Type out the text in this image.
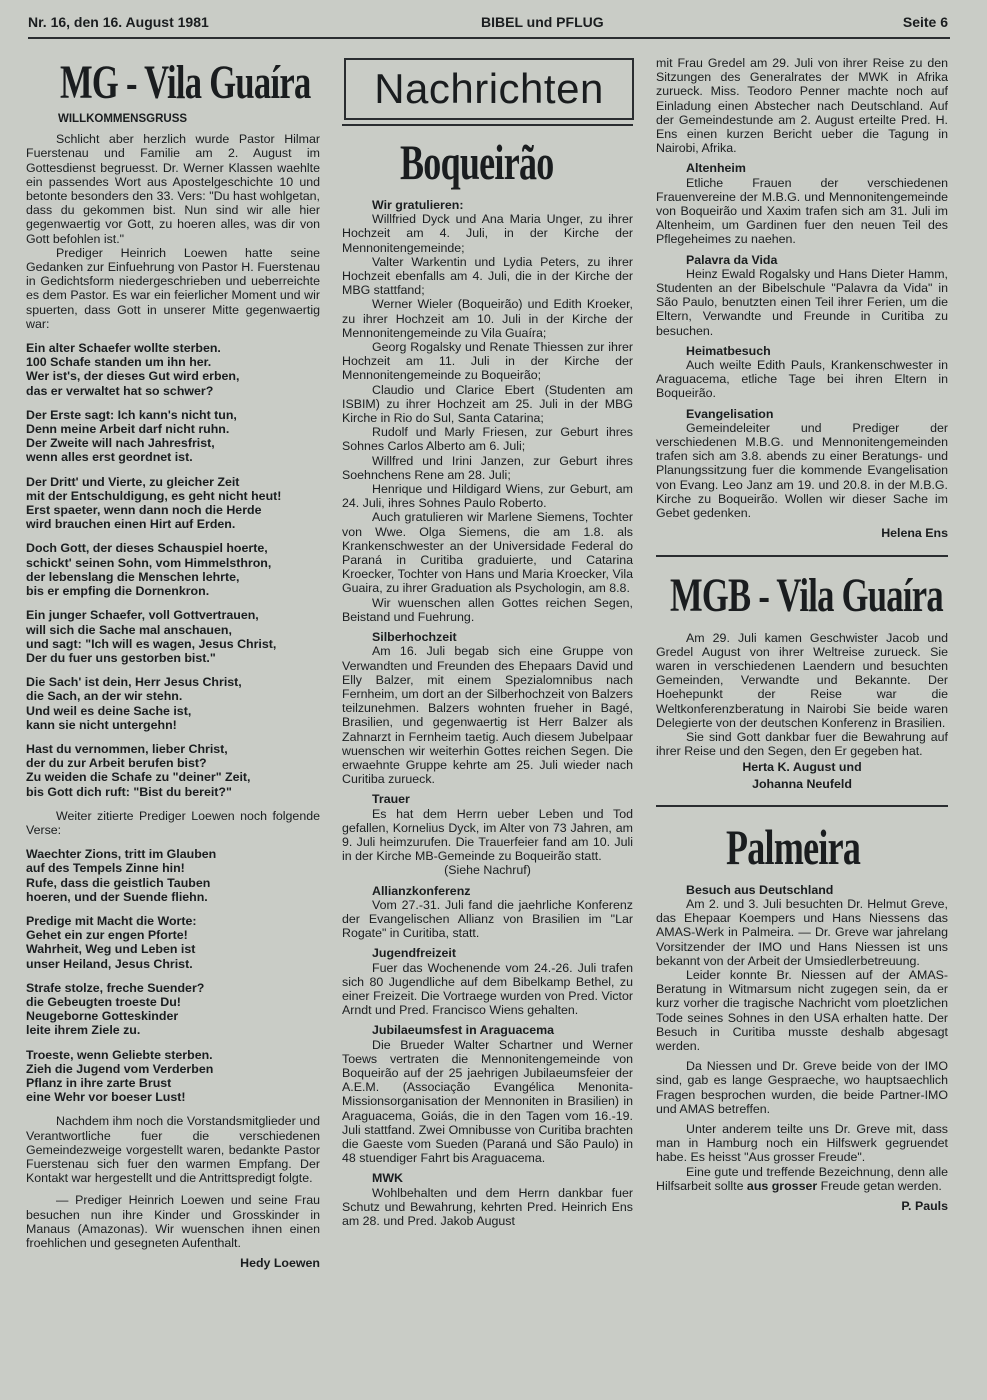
Nr. 16, den 16. August 1981	BIBEL und PFLUG	Seite 6
MG - Vila Guaíra
WILLKOMMENSGRUSS

Schlicht aber herzlich wurde Pastor Hilmar Fuerstenau und Familie am 2. August im Gottesdienst begruesst. Dr. Werner Klassen waehlte ein passendes Wort aus Apostelgeschichte 10 und betonte besonders den 33. Vers: "Du hast wohlgetan, dass du gekommen bist. Nun sind wir alle hier gegenwaertig vor Gott, zu hoeren alles, was dir von Gott befohlen ist."

Prediger Heinrich Loewen hatte seine Gedanken zur Einfuehrung von Pastor H. Fuerstenau in Gedichtsform niedergeschrieben und ueberreichte es dem Pastor. Es war ein feierlicher Moment und wir spuerten, dass Gott in unserer Mitte gegenwaertig war:

Ein alter Schaefer wollte sterben.
100 Schafe standen um ihn her.
Wer ist's, der dieses Gut wird erben,
das er verwaltet hat so schwer?
Der Erste sagt: Ich kann's nicht tun,
Denn meine Arbeit darf nicht ruhn.
Der Zweite will nach Jahresfrist,
wenn alles erst geordnet ist.
Der Dritt' und Vierte, zu gleicher Zeit
mit der Entschuldigung, es geht nicht heut!
Erst spaeter, wenn dann noch die Herde
wird brauchen einen Hirt auf Erden.
Doch Gott, der dieses Schauspiel hoerte,
schickt' seinen Sohn, vom Himmelsthron,
der lebenslang die Menschen lehrte,
bis er empfing die Dornenkron.
Ein junger Schaefer, voll Gottvertrauen,
will sich die Sache mal anschauen,
und sagt: "Ich will es wagen, Jesus Christ,
Der du fuer uns gestorben bist."
Die Sach' ist dein, Herr Jesus Christ,
die Sach, an der wir stehn.
Und weil es deine Sache ist,
kann sie nicht untergehn!
Hast du vernommen, lieber Christ,
der du zur Arbeit berufen bist?
Zu weiden die Schafe zu "deiner" Zeit,
bis Gott dich ruft: "Bist du bereit?"

Weiter zitierte Prediger Loewen noch folgende Verse:

Waechter Zions, tritt im Glauben
auf des Tempels Zinne hin!
Rufe, dass die geistlich Tauben
hoeren, und der Suende fliehn.
Predige mit Macht die Worte:
Gehet ein zur engen Pforte!
Wahrheit, Weg und Leben ist
unser Heiland, Jesus Christ.
Strafe stolze, freche Suender?
die Gebeugten troeste Du!
Neugeborne Gotteskinder
leite ihrem Ziele zu.
Troeste, wenn Geliebte sterben.
Zieh die Jugend vom Verderben
Pflanz in ihre zarte Brust
eine Wehr vor boeser Lust!

Nachdem ihm noch die Vorstandsmitglieder und Verantwortliche fuer die verschiedenen Gemeindezweige vorgestellt waren, bedankte Pastor Fuerstenau sich fuer den warmen Empfang. Der Kontakt war hergestellt und die Antrittspredigt folgte.

— Prediger Heinrich Loewen und seine Frau besuchen nun ihre Kinder und Grosskinder in Manaus (Amazonas). Wir wuenschen ihnen einen froehlichen und gesegneten Aufenthalt.

Hedy Loewen
Nachrichten
Boqueirão
Wir gratulieren:

Willfried Dyck und Ana Maria Unger, zu ihrer Hochzeit am 4. Juli, in der Kirche der Mennonitengemeinde;

Valter Warkentin und Lydia Peters, zu ihrer Hochzeit ebenfalls am 4. Juli, die in der Kirche der MBG stattfand;

Werner Wieler (Boqueirão) und Edith Kroeker, zu ihrer Hochzeit am 10. Juli in der Kirche der Mennonitengemeinde zu Vila Guaíra;

Georg Rogalsky und Renate Thiessen zur ihrer Hochzeit am 11. Juli in der Kirche der Mennonitengemeinde zu Boqueirão;

Claudio und Clarice Ebert (Studenten am ISBIM) zu ihrer Hochzeit am 25. Juli in der MBG Kirche in Rio do Sul, Santa Catarina;

Rudolf und Marly Friesen, zur Geburt ihres Sohnes Carlos Alberto am 6. Juli;

Willfred und Irini Janzen, zur Geburt ihres Soehnchens Rene am 28. Juli;

Henrique und Hildigard Wiens, zur Geburt, am 24. Juli, ihres Sohnes Paulo Roberto.

Auch gratulieren wir Marlene Siemens, Tochter von Wwe. Olga Siemens, die am 1.8. als Krankenschwester an der Universidade Federal do Paraná in Curitiba graduierte, und Catarina Kroecker, Tochter von Hans und Maria Kroecker, Vila Guaira, zu ihrer Graduation als Psychologin, am 8.8.

Wir wuenschen allen Gottes reichen Segen, Beistand und Fuehrung.

Silberhochzeit

Am 16. Juli begab sich eine Gruppe von Verwandten und Freunden des Ehepaars David und Elly Balzer, mit einem Spezialomnibus nach Fernheim, um dort an der Silberhochzeit von Balzers teilzunehmen. Balzers wohnten frueher in Bagé, Brasilien, und gegenwaertig ist Herr Balzer als Zahnarzt in Fernheim taetig. Auch diesem Jubelpaar wuenschen wir weiterhin Gottes reichen Segen. Die erwaehnte Gruppe kehrte am 25. Juli wieder nach Curitiba zurueck.

Trauer

Es hat dem Herrn ueber Leben und Tod gefallen, Kornelius Dyck, im Alter von 73 Jahren, am 9. Juli heimzurufen. Die Trauerfeier fand am 10. Juli in der Kirche MB-Gemeinde zu Boqueirão statt.

(Siehe Nachruf)

Allianzkonferenz

Vom 27.-31. Juli fand die jaehrliche Konferenz der Evangelischen Allianz von Brasilien im "Lar Rogate" in Curitiba, statt.

Jugendfreizeit

Fuer das Wochenende vom 24.-26. Juli trafen sich 80 Jugendliche auf dem Bibelkamp Bethel, zu einer Freizeit. Die Vortraege wurden von Pred. Victor Arndt und Pred. Francisco Wiens gehalten.

Jubilaeumsfest in Araguacema

Die Brueder Walter Schartner und Werner Toews vertraten die Mennonitengemeinde von Boqueirão auf der 25 jaehrigen Jubilaeumsfeier der A.E.M. (Associação Evangélica Menonita-Missionsorganisation der Mennoniten in Brasilien) in Araguacema, Goiás, die in den Tagen vom 16.-19. Juli stattfand. Zwei Omnibusse von Curitiba brachten die Gaeste vom Sueden (Paraná und São Paulo) in 48 stuendiger Fahrt bis Araguacema.

MWK

Wohlbehalten und dem Herrn dankbar fuer Schutz und Bewahrung, kehrten Pred. Heinrich Ens am 28. und Pred. Jakob August

mit Frau Gredel am 29. Juli von ihrer Reise zu den Sitzungen des Generalrates der MWK in Afrika zurueck. Miss. Teodoro Penner machte noch auf Einladung einen Abstecher nach Deutschland. Auf der Gemeindestunde am 2. August erteilte Pred. H. Ens einen kurzen Bericht ueber die Tagung in Nairobi, Afrika.

Altenheim

Etliche Frauen der verschiedenen Frauenvereine der M.B.G. und Mennonitengemeinde von Boqueirão und Xaxim trafen sich am 31. Juli im Altenheim, um Gardinen fuer den neuen Teil des Pflegeheimes zu naehen.

Palavra da Vida

Heinz Ewald Rogalsky und Hans Dieter Hamm, Studenten an der Bibelschule "Palavra da Vida" in São Paulo, benutzten einen Teil ihrer Ferien, um die Eltern, Verwandte und Freunde in Curitiba zu besuchen.

Heimatbesuch

Auch weilte Edith Pauls, Krankenschwester in Araguacema, etliche Tage bei ihren Eltern in Boqueirão.

Evangelisation

Gemeindeleiter und Prediger der verschiedenen M.B.G. und Mennonitengemeinden trafen sich am 3.8. abends zu einer Beratungs- und Planungssitzung fuer die kommende Evangelisation von Evang. Leo Janz am 19. und 20.8. in der M.B.G. Kirche zu Boqueirão. Wollen wir dieser Sache im Gebet gedenken.

Helena Ens
MGB - Vila Guaíra

Am 29. Juli kamen Geschwister Jacob und Gredel August von ihrer Weltreise zurueck. Sie waren in verschiedenen Laendern und besuchten Gemeinden, Verwandte und Bekannte. Der Hoehepunkt der Reise war die Weltkonferenzberatung in Nairobi Sie beide waren Delegierte von der deutschen Konferenz in Brasilien.

Sie sind Gott dankbar fuer die Bewahrung auf ihrer Reise und den Segen, den Er gegeben hat.

Herta K. August und
Johanna Neufeld
Palmeira
Besuch aus Deutschland

Am 2. und 3. Juli besuchten Dr. Helmut Greve, das Ehepaar Koempers und Hans Niessens das AMAS-Werk in Palmeira. — Dr. Greve war jahrelang Vorsitzender der IMO und Hans Niessen ist uns bekannt von der Arbeit der Umsiedlerbetreuung.

Leider konnte Br. Niessen auf der AMAS-Beratung in Witmarsum nicht zugegen sein, da er kurz vorher die tragische Nachricht vom ploetzlichen Tode seines Sohnes in den USA erhalten hatte. Der Besuch in Curitiba musste deshalb abgesagt werden.

Da Niessen und Dr. Greve beide von der IMO sind, gab es lange Gespraeche, wo hauptsaechlich Fragen besprochen wurden, die beide Partner-IMO und AMAS betreffen.

Unter anderem teilte uns Dr. Greve mit, dass man in Hamburg noch ein Hilfswerk gegruendet habe. Es heisst "Aus grosser Freude".

Eine gute und treffende Bezeichnung, denn alle Hilfsarbeit sollte aus grosser Freude getan werden.

P. Pauls
